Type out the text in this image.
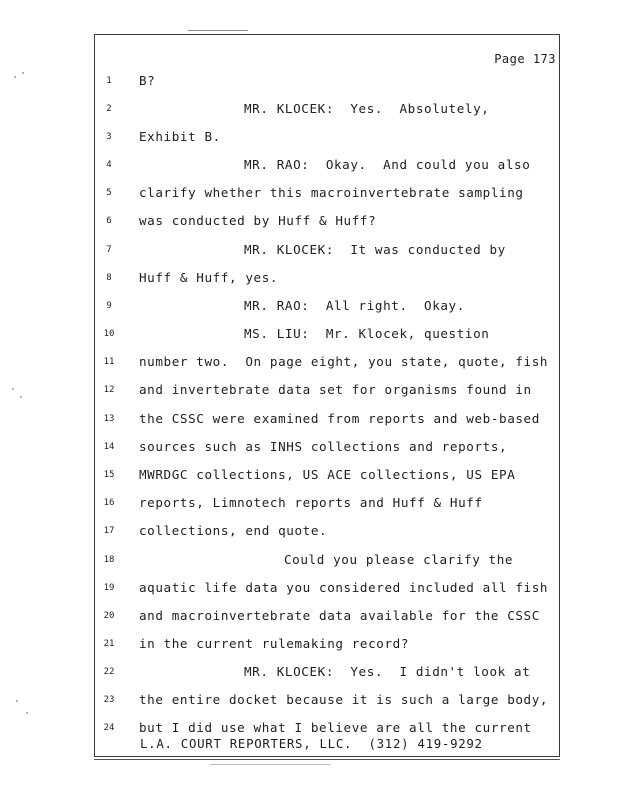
Page 173
1	B?
2	MR. KLOCEK:  Yes.  Absolutely,
3	Exhibit B.
4	MR. RAO:  Okay.  And could you also
5	clarify whether this macroinvertebrate sampling
6	was conducted by Huff & Huff?
7	MR. KLOCEK:  It was conducted by
8	Huff & Huff, yes.
9	MR. RAO:  All right.  Okay.
10	MS. LIU:  Mr. Klocek, question
11	number two.  On page eight, you state, quote, fish
12	and invertebrate data set for organisms found in
13	the CSSC were examined from reports and web-based
14	sources such as INHS collections and reports,
15	MWRDGC collections, US ACE collections, US EPA
16	reports, Limnotech reports and Huff & Huff
17	collections, end quote.
18	Could you please clarify the
19	aquatic life data you considered included all fish
20	and macroinvertebrate data available for the CSSC
21	in the current rulemaking record?
22	MR. KLOCEK:  Yes.  I didn't look at
23	the entire docket because it is such a large body,
24	but I did use what I believe are all the current
L.A. COURT REPORTERS, LLC.  (312) 419-9292
